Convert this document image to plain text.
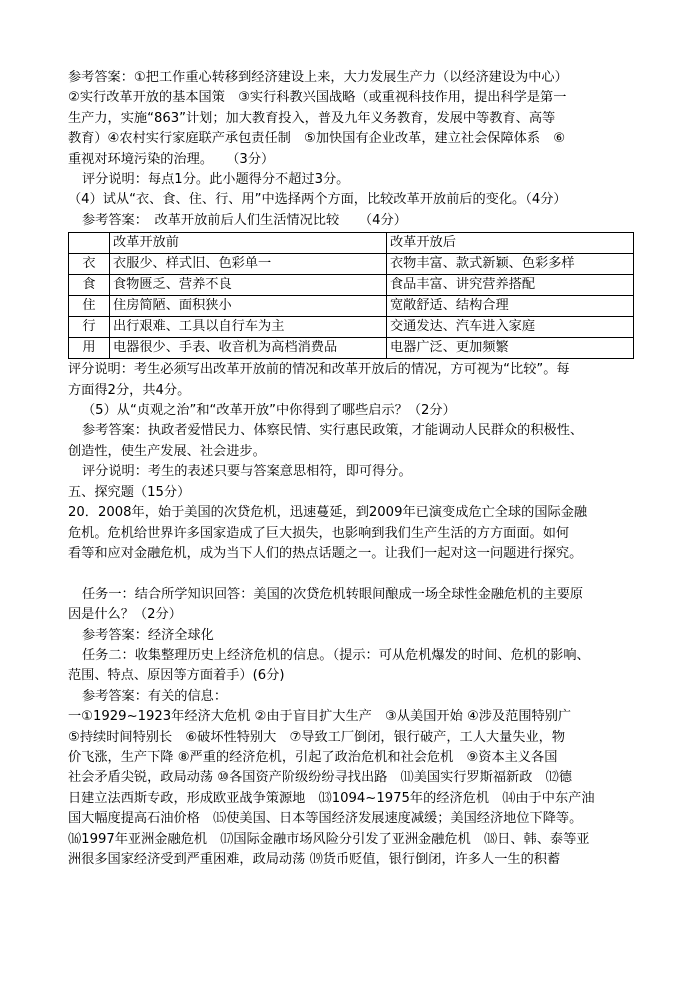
参考答案：①把工作重心转移到经济建设上来，大力发展生产力（以经济建设为中心）

②实行改革开放的基本国策　③实行科教兴国战略（或重视科技作用，提出科学是第一

生产力，实施“863”计划；加大教育投入，普及九年义务教育，发展中等教育、高等

教育）④农村实行家庭联产承包责任制　⑤加快国有企业改革，建立社会保障体系　⑥

重视对环境污染的治理。　　（3分）

评分说明：每点1分。此小题得分不超过3分。

（4）试从“衣、食、住、行、用”中选择两个方面，比较改革开放前后的变化。（4分）

参考答案：　改革开放前后人们生活情况比较　　（4分）

	改革开放前	改革开放后
衣	衣服少、样式旧、色彩单一	衣物丰富、款式新颖、色彩多样
食	食物匮乏、营养不良	食品丰富、讲究营养搭配
住	住房简陋、面积狭小	宽敞舒适、结构合理
行	出行艰难、工具以自行车为主	交通发达、汽车进入家庭
用	电器很少、手表、收音机为高档消费品	电器广泛、更加频繁

评分说明：考生必须写出改革开放前的情况和改革开放后的情况，方可视为“比较”。每

方面得2分，共4分。

（5）从“贞观之治”和“改革开放”中你得到了哪些启示？（2分）

参考答案：执政者爱惜民力、体察民情、实行惠民政策，才能调动人民群众的积极性、

创造性，使生产发展、社会进步。

评分说明：考生的表述只要与答案意思相符，即可得分。

五、探究题（15分）

20．2008年，始于美国的次贷危机，迅速蔓延，到2009年已演变成危亡全球的国际金融

危机。危机给世界许多国家造成了巨大损失，也影响到我们生产生活的方方面面。如何

看等和应对金融危机，成为当下人们的热点话题之一。让我们一起对这一问题进行探究。

任务一：结合所学知识回答：美国的次贷危机转眼间酿成一场全球性金融危机的主要原

因是什么？（2分）

参考答案：经济全球化

任务二：收集整理历史上经济危机的信息。（提示：可从危机爆发的时间、危机的影响、

范围、特点、原因等方面着手）(6分)

参考答案：有关的信息：

一①1929~1923年经济大危机 ②由于盲目扩大生产　③从美国开始 ④涉及范围特别广

⑤持续时间特别长　⑥破坏性特别大　⑦导致工厂倒闭，银行破产，工人大量失业，物

价飞涨，生产下降 ⑧严重的经济危机，引起了政治危机和社会危机　⑨资本主义各国

社会矛盾尖锐，政局动荡 ⑩各国资产阶级纷纷寻找出路　⑾美国实行罗斯福新政　⑿德

日建立法西斯专政，形成欧亚战争策源地　⒀1094~1975年的经济危机　⒁由于中东产油

国大幅度提高石油价格　⒂使美国、日本等国经济发展速度减缓；美国经济地位下降等。

⒃1997年亚洲金融危机　⒄国际金融市场风险分引发了亚洲金融危机　⒅日、韩、泰等亚

洲很多国家经济受到严重困难，政局动荡 ⒆货币贬值，银行倒闭，许多人一生的积蓄
